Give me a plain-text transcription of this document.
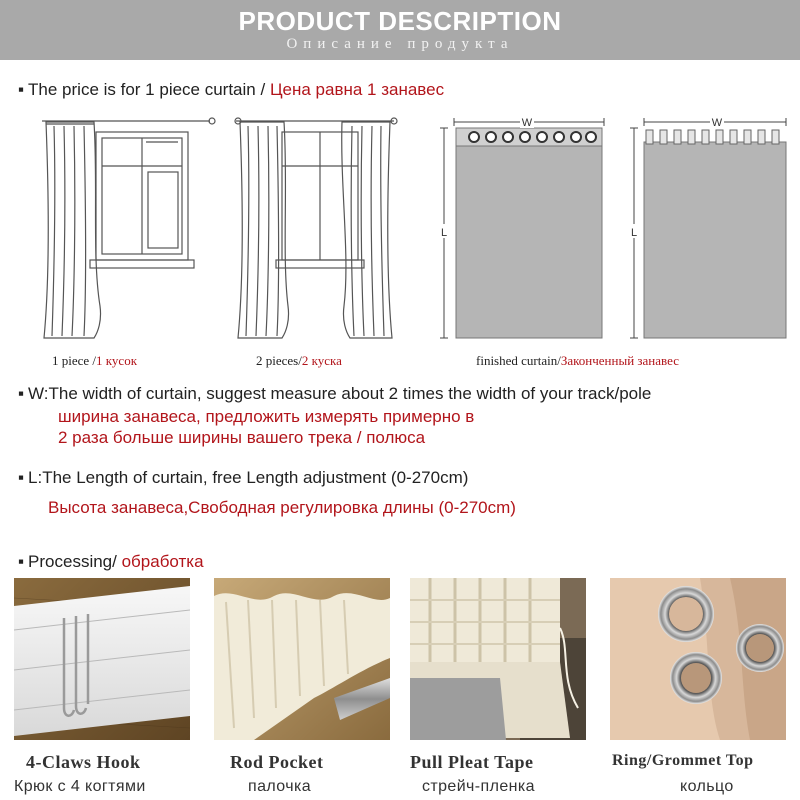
PRODUCT DESCRIPTION
Описание продукта
▪ The price is for 1 piece curtain / Цена равна 1 занавес
1 piece /1 кусок	2 pieces/2 куска
W
L
W
L
finished curtain/Законченный занавес
▪ W:The width of curtain, suggest measure about 2 times the width of your track/pole
ширина занавеса, предложить измерять примерно в
2 раза больше ширины вашего трека / полюса
▪ L:The Length of curtain, free Length adjustment (0-270cm)
Высота занавеса,Свободная регулировка длины (0-270cm)
▪ Processing/ обработка
4-Claws Hook
Крюк с 4 когтями
Rod Pocket
палочка
Pull Pleat Tape
стрейч-пленка
Ring/Grommet Top
кольцо
